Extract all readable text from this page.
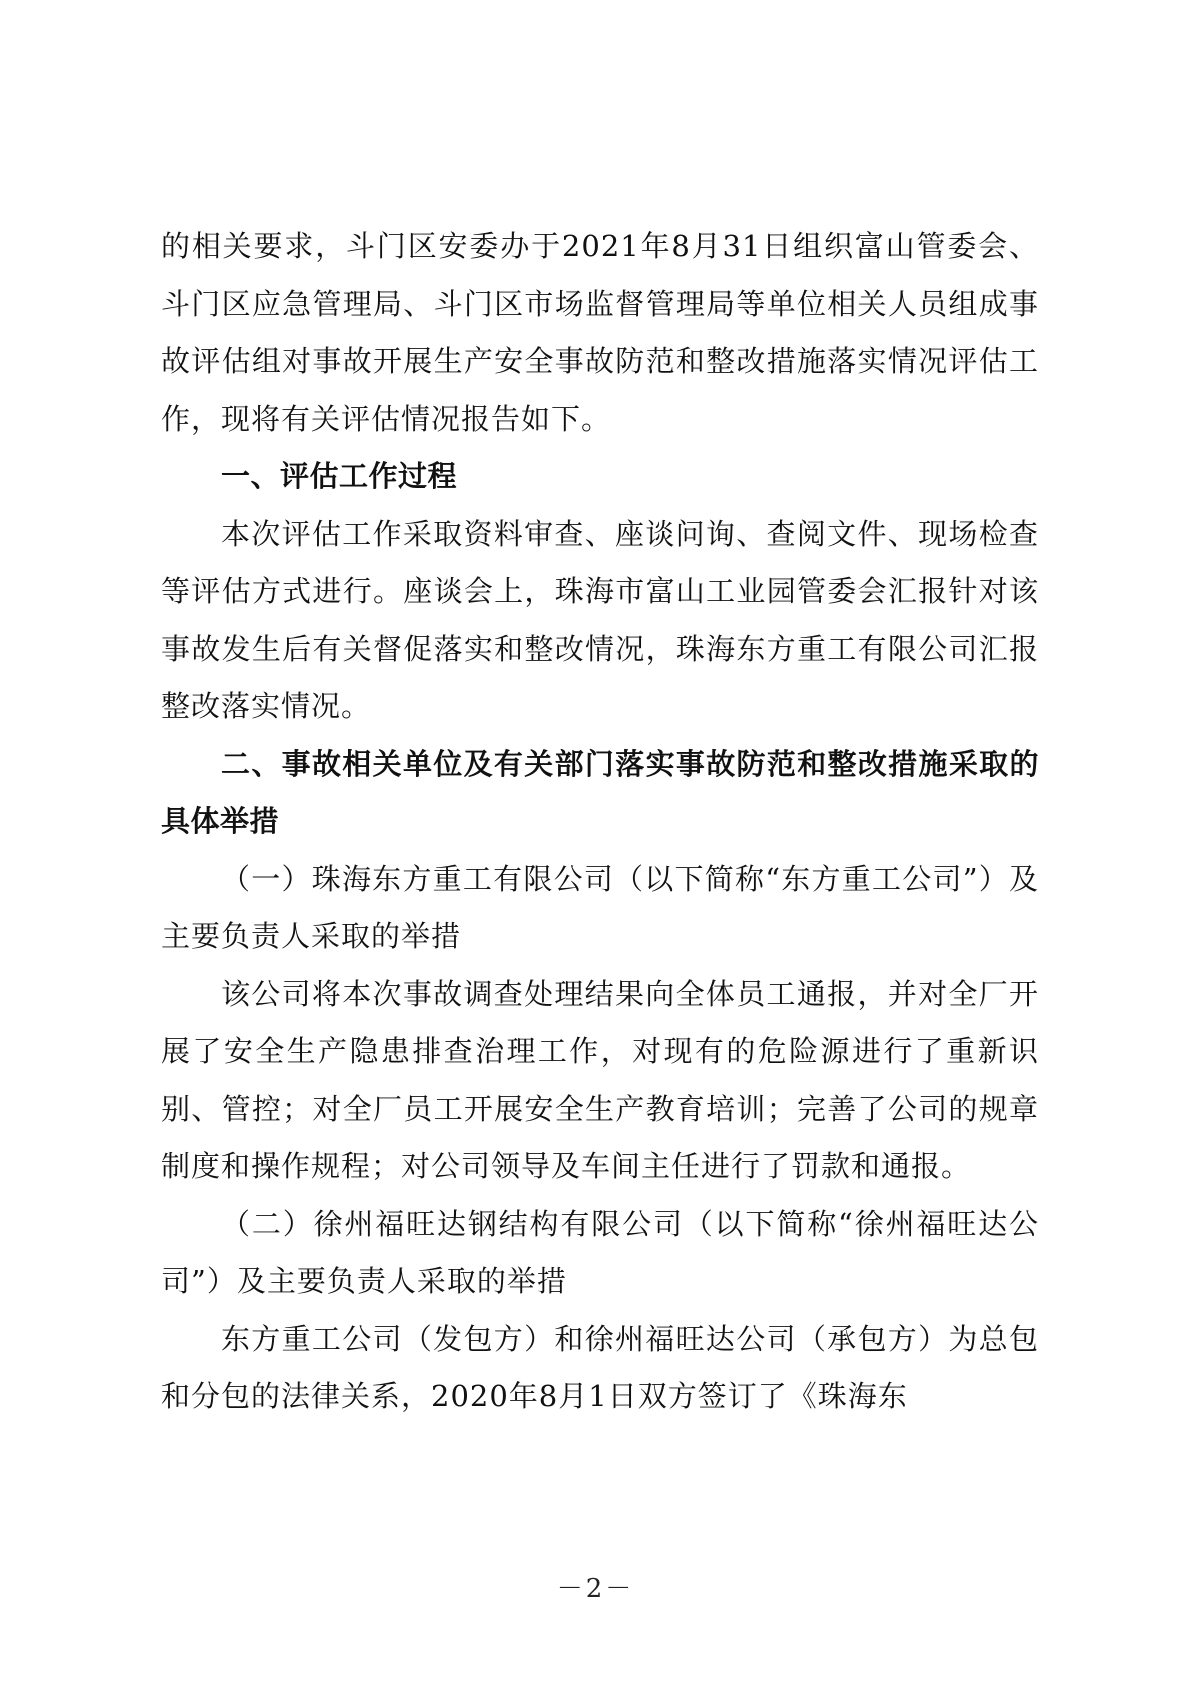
的相关要求，斗门区安委办于2021年8月31日组织富山管委会、斗门区应急管理局、斗门区市场监督管理局等单位相关人员组成事故评估组对事故开展生产安全事故防范和整改措施落实情况评估工作，现将有关评估情况报告如下。

一、评估工作过程

本次评估工作采取资料审查、座谈问询、查阅文件、现场检查等评估方式进行。座谈会上，珠海市富山工业园管委会汇报针对该事故发生后有关督促落实和整改情况，珠海东方重工有限公司汇报整改落实情况。

二、事故相关单位及有关部门落实事故防范和整改措施采取的具体举措

（一）珠海东方重工有限公司（以下简称“东方重工公司”）及主要负责人采取的举措

该公司将本次事故调查处理结果向全体员工通报，并对全厂开展了安全生产隐患排查治理工作，对现有的危险源进行了重新识别、管控；对全厂员工开展安全生产教育培训；完善了公司的规章制度和操作规程；对公司领导及车间主任进行了罚款和通报。

（二）徐州福旺达钢结构有限公司（以下简称“徐州福旺达公司”）及主要负责人采取的举措

东方重工公司（发包方）和徐州福旺达公司（承包方）为总包和分包的法律关系，2020年8月1日双方签订了《珠海东

－2－
